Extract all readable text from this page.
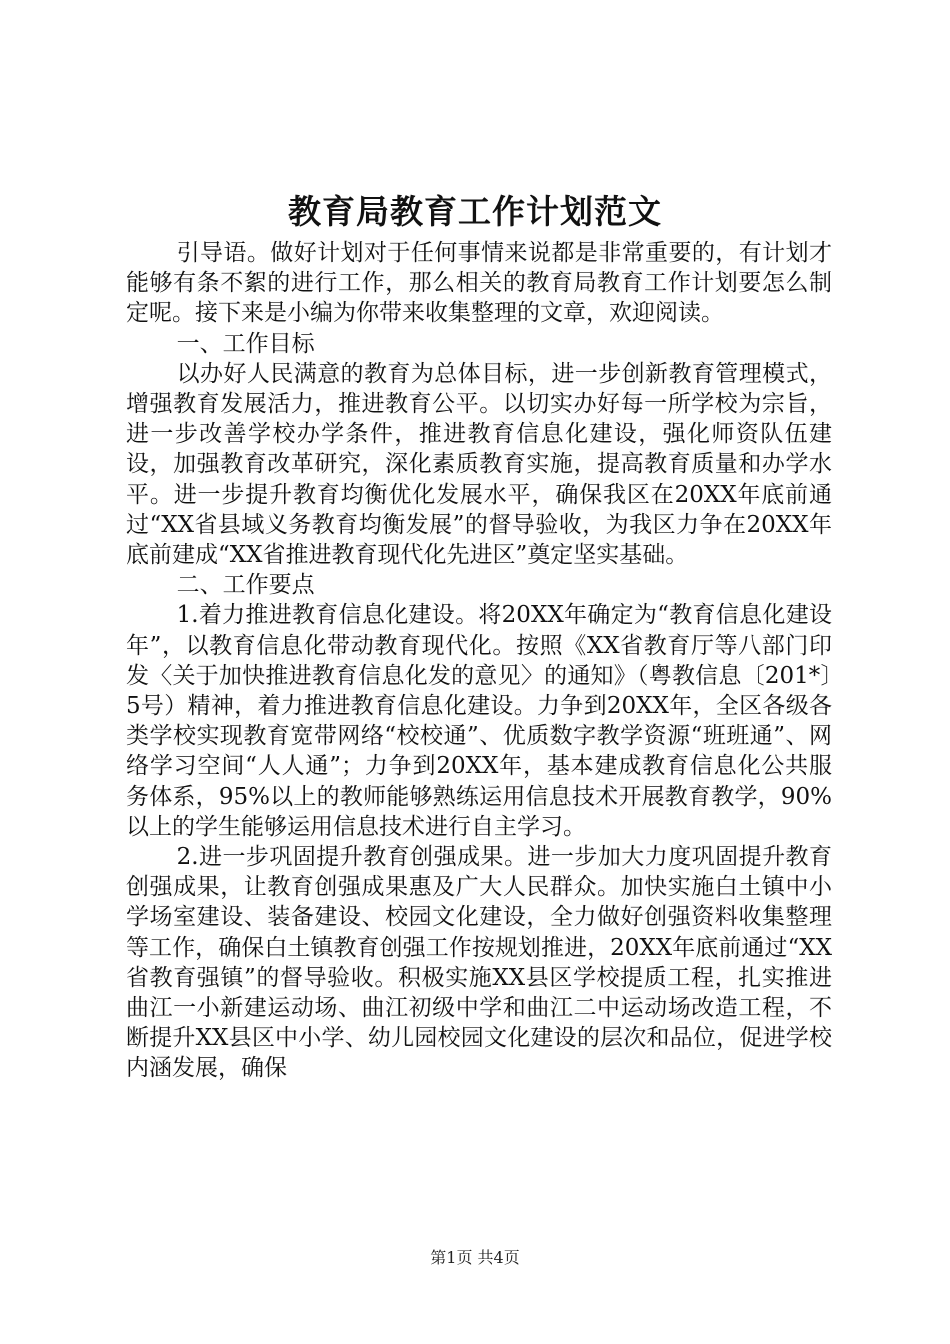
教育局教育工作计划范文

引导语。做好计划对于任何事情来说都是非常重要的，有计划才能够有条不絮的进行工作，那么相关的教育局教育工作计划要怎么制定呢。接下来是小编为你带来收集整理的文章，欢迎阅读。

一、工作目标

以办好人民满意的教育为总体目标，进一步创新教育管理模式，增强教育发展活力，推进教育公平。以切实办好每一所学校为宗旨，进一步改善学校办学条件，推进教育信息化建设，强化师资队伍建设，加强教育改革研究，深化素质教育实施，提高教育质量和办学水平。进一步提升教育均衡优化发展水平，确保我区在20XX年底前通过“XX省县域义务教育均衡发展”的督导验收，为我区力争在20XX年底前建成“XX省推进教育现代化先进区”奠定坚实基础。

二、工作要点

1.着力推进教育信息化建设。将20XX年确定为“教育信息化建设年”，以教育信息化带动教育现代化。按照《XX省教育厅等八部门印发〈关于加快推进教育信息化发的意见〉的通知》（粤教信息〔201*〕5号）精神，着力推进教育信息化建设。力争到20XX年，全区各级各类学校实现教育宽带网络“校校通”、优质数字教学资源“班班通”、网络学习空间“人人通”；力争到20XX年，基本建成教育信息化公共服务体系，95%以上的教师能够熟练运用信息技术开展教育教学，90%以上的学生能够运用信息技术进行自主学习。

2.进一步巩固提升教育创强成果。进一步加大力度巩固提升教育创强成果，让教育创强成果惠及广大人民群众。加快实施白土镇中小学场室建设、装备建设、校园文化建设，全力做好创强资料收集整理等工作，确保白土镇教育创强工作按规划推进，20XX年底前通过“XX省教育强镇”的督导验收。积极实施XX县区学校提质工程，扎实推进曲江一小新建运动场、曲江初级中学和曲江二中运动场改造工程，不断提升XX县区中小学、幼儿园校园文化建设的层次和品位，促进学校内涵发展，确保

第1页 共4页
